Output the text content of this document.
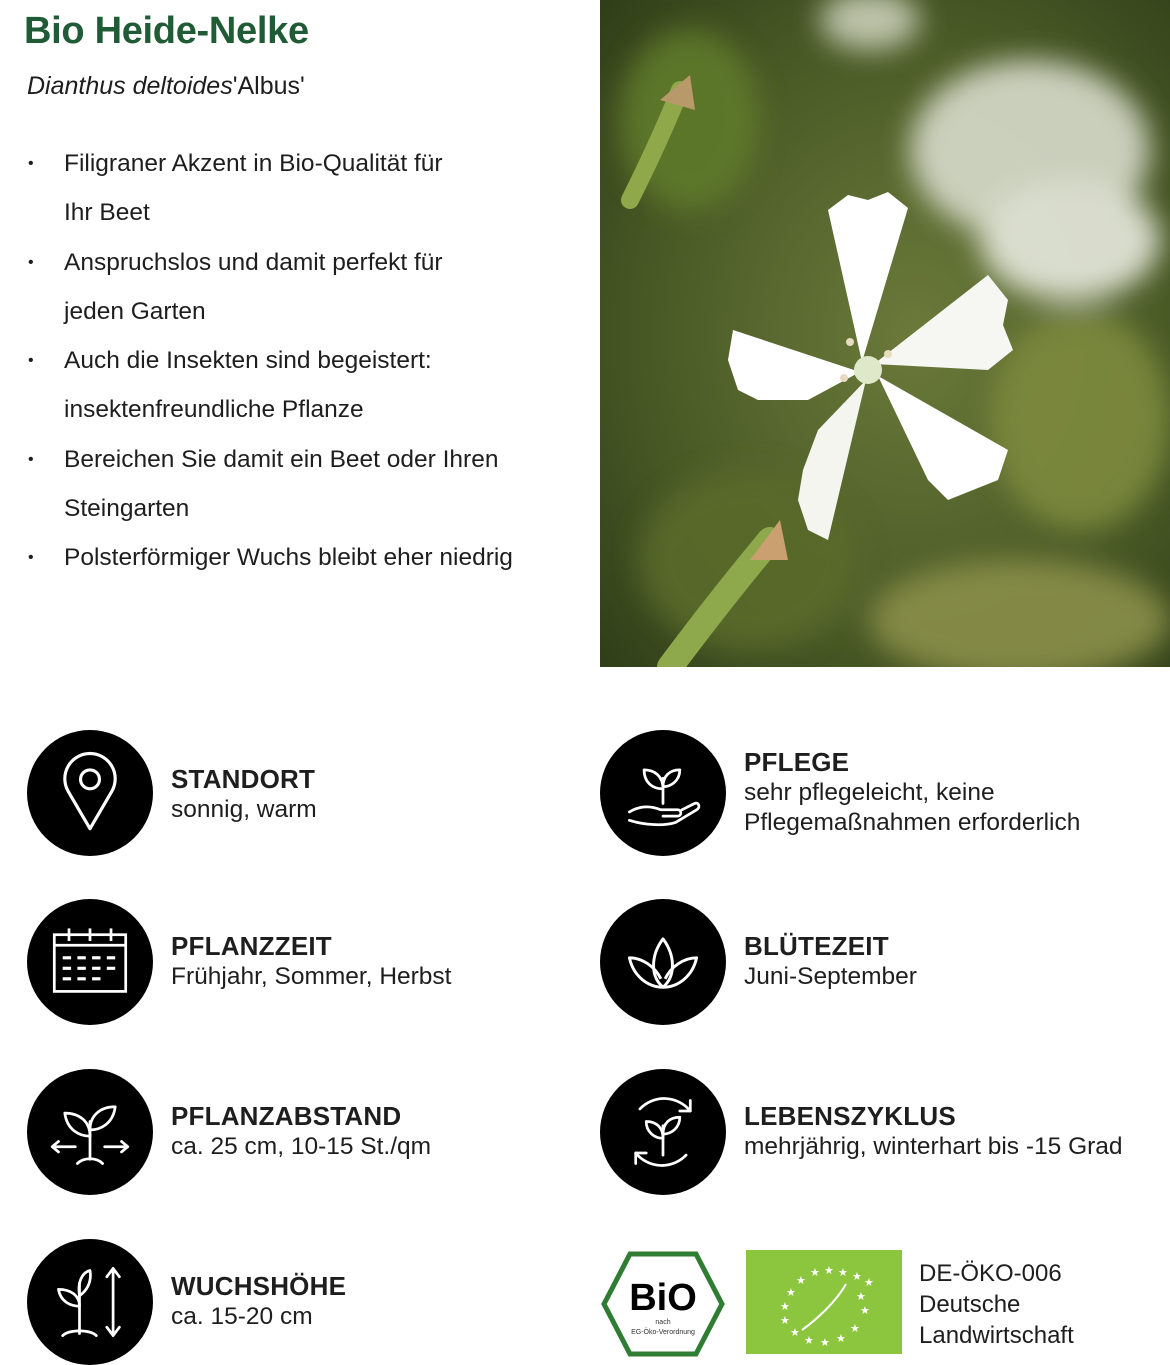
Bio Heide-Nelke
Dianthus deltoides'Albus'
• Filigraner Akzent in Bio-Qualität für
Ihr Beet
• Anspruchslos und damit perfekt für
jeden Garten
• Auch die Insekten sind begeistert:
insektenfreundliche Pflanze
• Bereichen Sie damit ein Beet oder Ihren
Steingarten
• Polsterförmiger Wuchs bleibt eher niedrig
STANDORT
sonnig, warm
PFLEGE
sehr pflegeleicht, keine
Pflegemaßnahmen erforderlich
PFLANZZEIT
Frühjahr, Sommer, Herbst
BLÜTEZEIT
Juni-September
PFLANZABSTAND
ca. 25 cm, 10-15 St./qm
LEBENSZYKLUS
mehrjährig, winterhart bis -15 Grad
WUCHSHÖHE
ca. 15-20 cm	BiO
nach
EG-Öko-Verordnung
★ ★ ★ ★ ★
★
★
★
★
★
★
★
★ ★ ★
★
DE-ÖKO-006
Deutsche
Landwirtschaft
